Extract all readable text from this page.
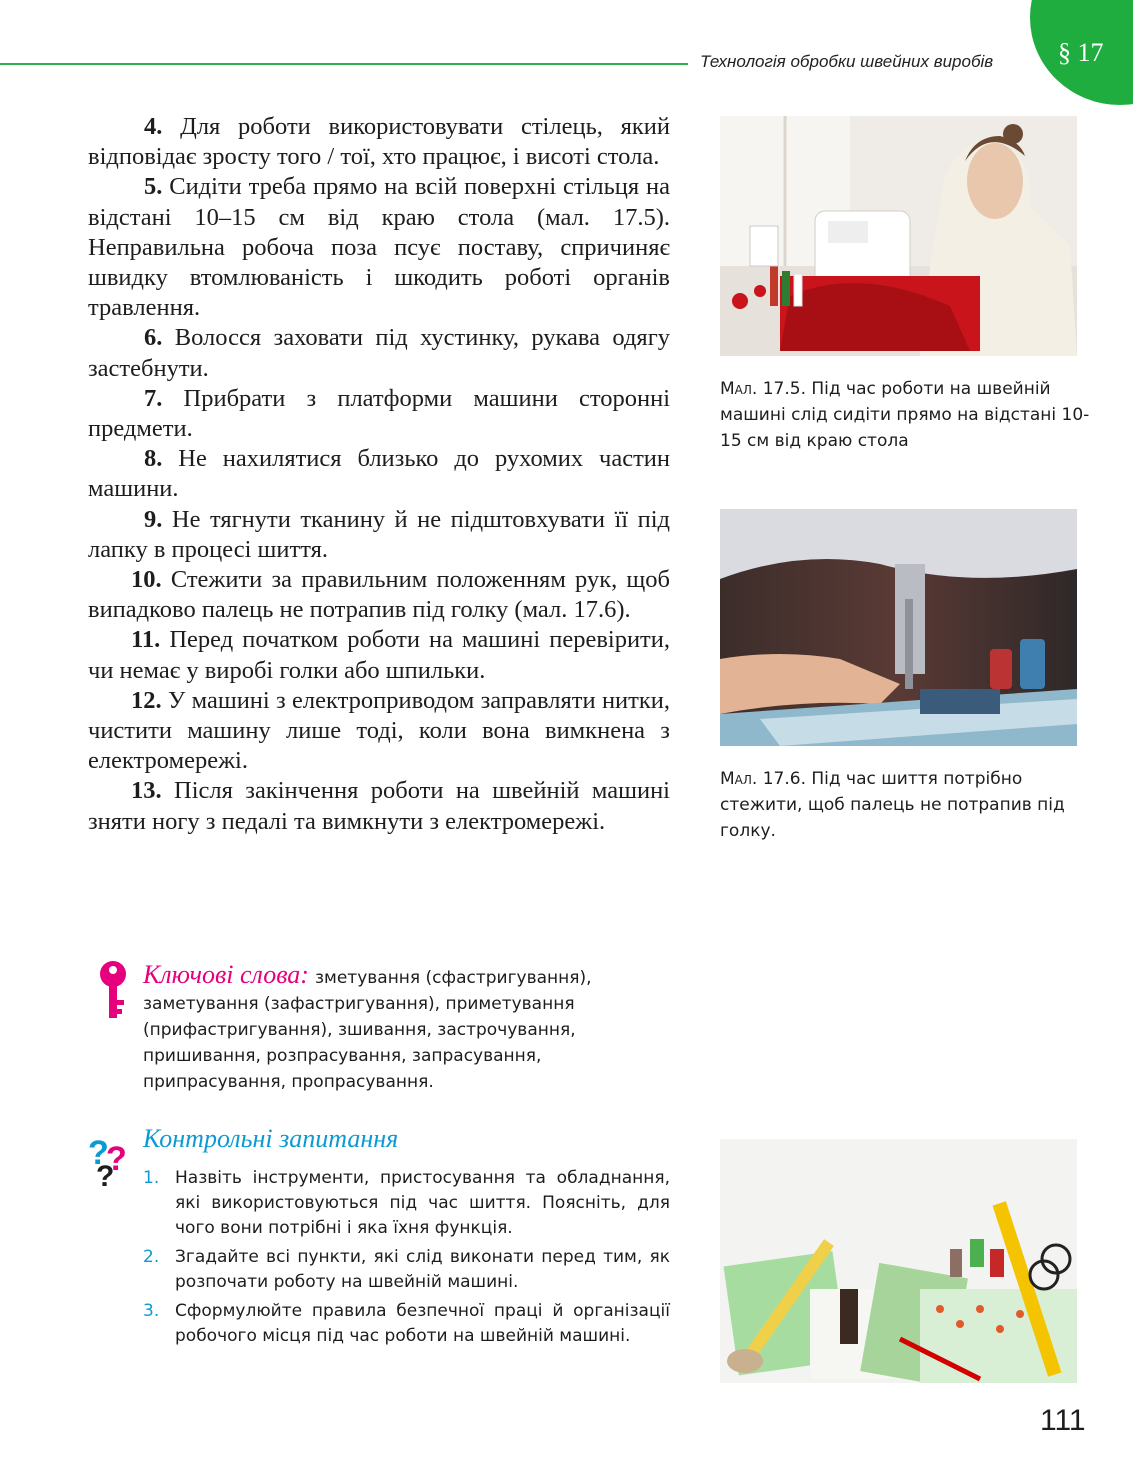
Технологія обробки швейних виробів § 17

4. Для роботи використовувати стілець, який відповідає зросту того / тої, хто працює, і висоті стола.

5. Сидіти треба прямо на всій поверхні стільця на відстані 10–15 см від краю стола (мал. 17.5). Неправильна робоча поза псує поставу, спричиняє швидку втомлюваність і шкодить роботі органів травлення.

6. Волосся заховати під хустинку, рукава одягу застебнути.

7. Прибрати з платформи машини сторонні предмети.

8. Не нахилятися близько до рухомих частин машини.

9. Не тягнути тканину й не підштовхувати її під лапку в процесі шиття.

10. Стежити за правильним положенням рук, щоб випадково палець не потрапив під голку (мал. 17.6).

11. Перед початком роботи на машині перевірити, чи немає у виробі голки або шпильки.

12. У машині з електроприводом заправляти нитки, чистити машину лише тоді, коли вона вимкнена з електромережі.

13. Після закінчення роботи на швейній машині зняти ногу з педалі та вимкнути з електромережі.

Мал. 17.5. Під час роботи на швейній машині слід сидіти прямо на відстані 10-15 см від краю стола
Мал. 17.6. Під час шиття потрібно стежити, щоб палець не потрапив під голку.
Ключові слова: зметування (сфастригування), заметування (зафастригування), приметування (прифастригування), зшивання, застрочування, пришивання, розпрасування, запрасування, припрасування, пропрасування.
?
?
?
Контрольні запитання
1. Назвіть інструменти, пристосування та обладнання, які використовуються під час шиття. Поясніть, для чого вони потрібні і яка їхня функція.
2. Згадайте всі пункти, які слід виконати перед тим, як розпочати роботу на швейній машині.
3. Сформулюйте правила безпечної праці й організації робочого місця під час роботи на швейній машині.
111
